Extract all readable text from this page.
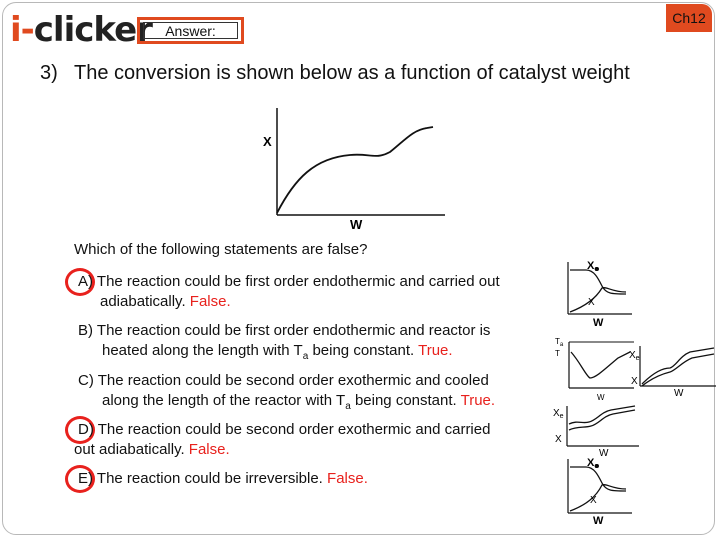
i-clicker Answer:
Ch12
3) The conversion is shown below as a function of catalyst weight
X
W
Which of the following statements are false?
A) The reaction could be first order endothermic and carried out
adiabatically. False.
B) The reaction could be first order endothermic and reactor is
heated along the length with $T_a$ being constant. True.
C) The reaction could be second order exothermic and cooled
along the length of the reactor with $T_a$ being constant. True.
D) The reaction could be second order exothermic and carried
out adiabatically. False.
E) The reaction could be irreversible. False.
Xe
X
W
$T_a$
T
W
$X_e$
X
W
$X_e$
X
W
Xe
X
W
